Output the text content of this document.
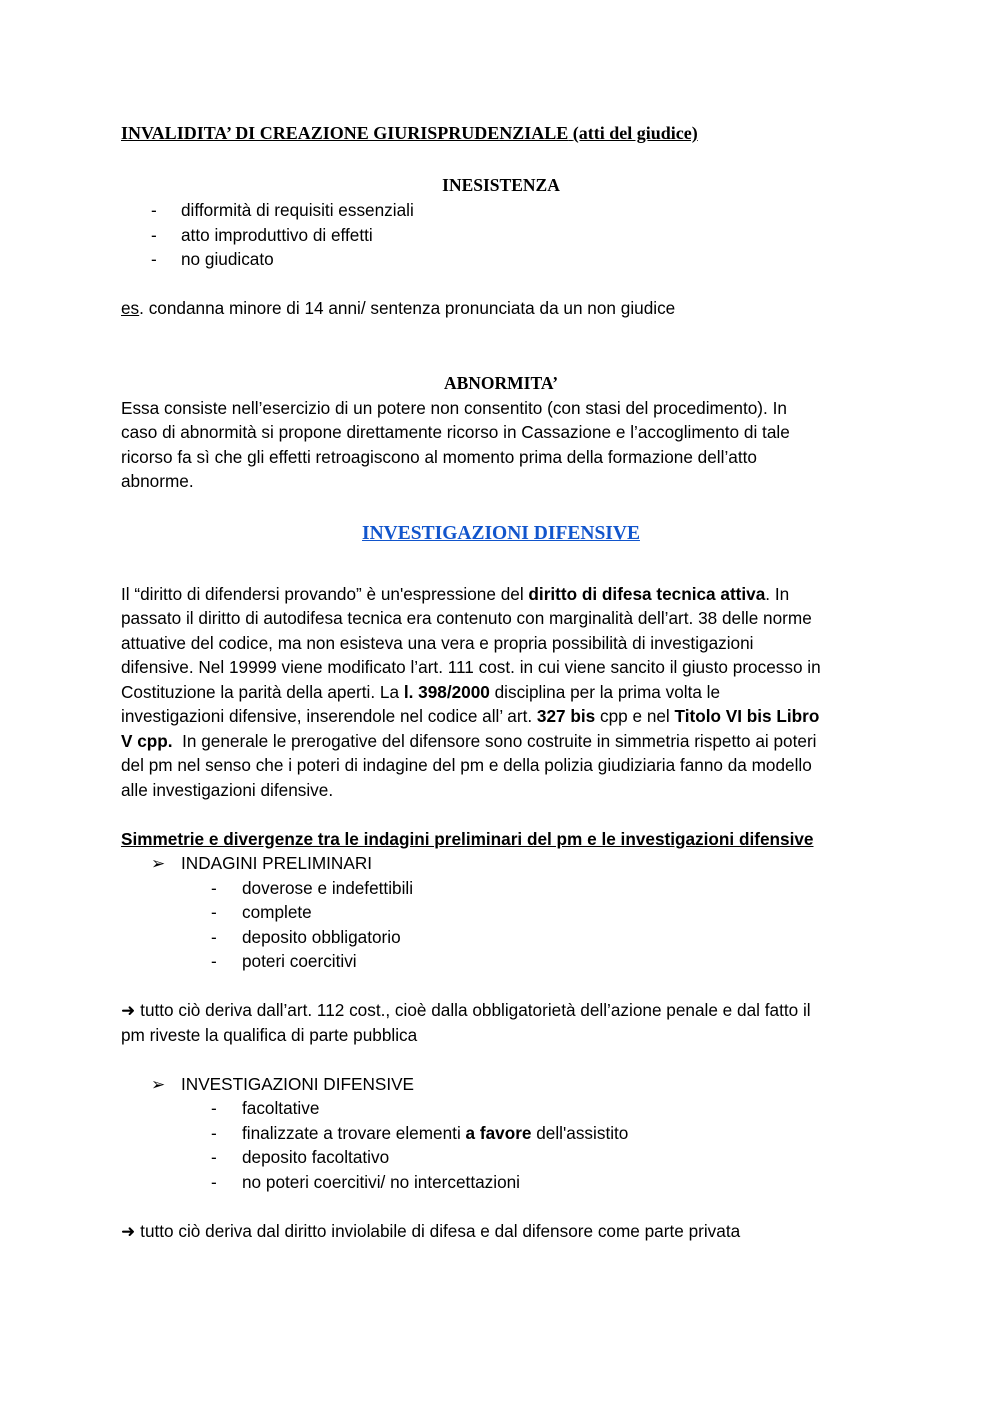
INVALIDITA’ DI CREAZIONE GIURISPRUDENZIALE (atti del giudice)

INESISTENZA

- difformità di requisiti essenziali
- atto improduttivo di effetti
- no giudicato

es. condanna minore di 14 anni/ sentenza pronunciata da un non giudice

ABNORMITA’

Essa consiste nell’esercizio di un potere non consentito (con stasi del procedimento). In
caso di abnormità si propone direttamente ricorso in Cassazione e l’accoglimento di tale
ricorso fa sì che gli effetti retroagiscono al momento prima della formazione dell’atto
abnorme.

INVESTIGAZIONI DIFENSIVE

Il “diritto di difendersi provando” è un'espressione del diritto di difesa tecnica attiva. In
passato il diritto di autodifesa tecnica era contenuto con marginalità dell’art. 38 delle norme
attuative del codice, ma non esisteva una vera e propria possibilità di investigazioni
difensive. Nel 19999 viene modificato l’art. 111 cost. in cui viene sancito il giusto processo in
Costituzione la parità della aperti. La l. 398/2000 disciplina per la prima volta le
investigazioni difensive, inserendole nel codice all’ art. 327 bis cpp e nel Titolo VI bis Libro
V cpp.  In generale le prerogative del difensore sono costruite in simmetria rispetto ai poteri
del pm nel senso che i poteri di indagine del pm e della polizia giudiziaria fanno da modello
alle investigazioni difensive.

Simmetrie e divergenze tra le indagini preliminari del pm e le investigazioni difensive

➢ INDAGINI PRELIMINARI
- doverose e indefettibili
- complete
- deposito obbligatorio
- poteri coercitivi

➜ tutto ciò deriva dall’art. 112 cost., cioè dalla obbligatorietà dell’azione penale e dal fatto il
pm riveste la qualifica di parte pubblica

➢ INVESTIGAZIONI DIFENSIVE
- facoltative
- finalizzate a trovare elementi a favore dell'assistito
- deposito facoltativo
- no poteri coercitivi/ no intercettazioni

➜ tutto ciò deriva dal diritto inviolabile di difesa e dal difensore come parte privata
